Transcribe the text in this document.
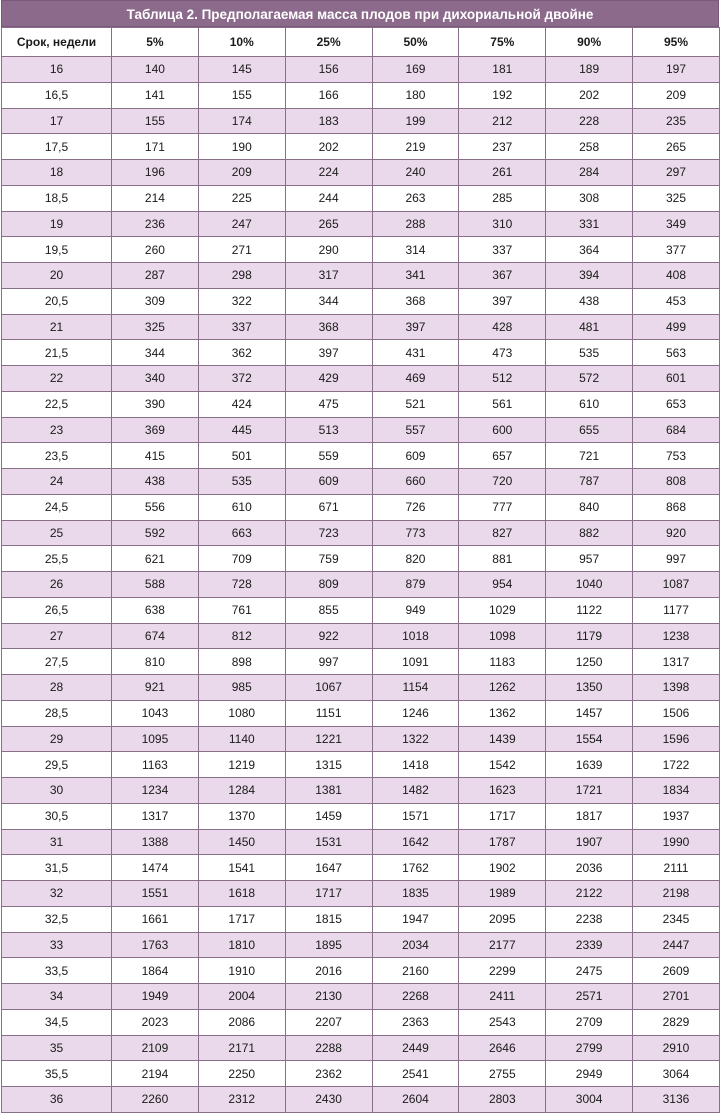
Таблица 2. Предполагаемая масса плодов при дихориальной двойне
Срок, недели	5%	10%	25%	50%	75%	90%	95%
16	140	145	156	169	181	189	197
16,5	141	155	166	180	192	202	209
17	155	174	183	199	212	228	235
17,5	171	190	202	219	237	258	265
18	196	209	224	240	261	284	297
18,5	214	225	244	263	285	308	325
19	236	247	265	288	310	331	349
19,5	260	271	290	314	337	364	377
20	287	298	317	341	367	394	408
20,5	309	322	344	368	397	438	453
21	325	337	368	397	428	481	499
21,5	344	362	397	431	473	535	563
22	340	372	429	469	512	572	601
22,5	390	424	475	521	561	610	653
23	369	445	513	557	600	655	684
23,5	415	501	559	609	657	721	753
24	438	535	609	660	720	787	808
24,5	556	610	671	726	777	840	868
25	592	663	723	773	827	882	920
25,5	621	709	759	820	881	957	997
26	588	728	809	879	954	1040	1087
26,5	638	761	855	949	1029	1122	1177
27	674	812	922	1018	1098	1179	1238
27,5	810	898	997	1091	1183	1250	1317
28	921	985	1067	1154	1262	1350	1398
28,5	1043	1080	1151	1246	1362	1457	1506
29	1095	1140	1221	1322	1439	1554	1596
29,5	1163	1219	1315	1418	1542	1639	1722
30	1234	1284	1381	1482	1623	1721	1834
30,5	1317	1370	1459	1571	1717	1817	1937
31	1388	1450	1531	1642	1787	1907	1990
31,5	1474	1541	1647	1762	1902	2036	2111
32	1551	1618	1717	1835	1989	2122	2198
32,5	1661	1717	1815	1947	2095	2238	2345
33	1763	1810	1895	2034	2177	2339	2447
33,5	1864	1910	2016	2160	2299	2475	2609
34	1949	2004	2130	2268	2411	2571	2701
34,5	2023	2086	2207	2363	2543	2709	2829
35	2109	2171	2288	2449	2646	2799	2910
35,5	2194	2250	2362	2541	2755	2949	3064
36	2260	2312	2430	2604	2803	3004	3136
